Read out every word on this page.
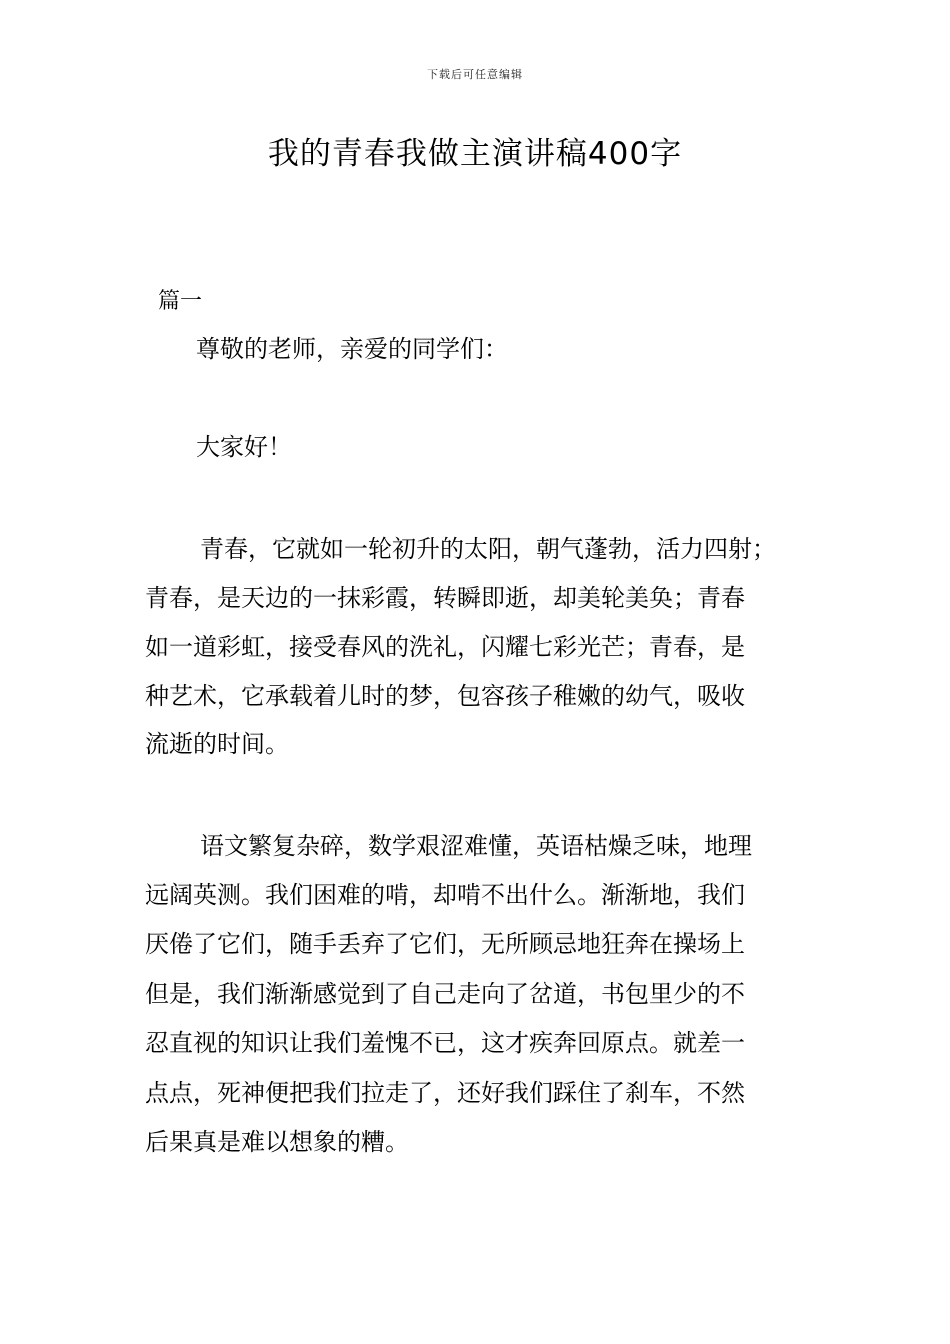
下载后可任意编辑
我的青春我做主演讲稿400字
篇一
尊敬的老师，亲爱的同学们：
大家好！
青春，它就如一轮初升的太阳，朝气蓬勃，活力四射；
青春，是天边的一抹彩霞，转瞬即逝，却美轮美奂；青春
如一道彩虹，接受春风的洗礼，闪耀七彩光芒；青春，是
种艺术，它承载着儿时的梦，包容孩子稚嫩的幼气，吸收
流逝的时间。
语文繁复杂碎，数学艰涩难懂，英语枯燥乏味，地理
远阔英测。我们困难的啃，却啃不出什么。渐渐地，我们
厌倦了它们，随手丢弃了它们，无所顾忌地狂奔在操场上
但是，我们渐渐感觉到了自己走向了岔道，书包里少的不
忍直视的知识让我们羞愧不已，这才疾奔回原点。就差一
点点，死神便把我们拉走了，还好我们踩住了刹车，不然
后果真是难以想象的糟。
